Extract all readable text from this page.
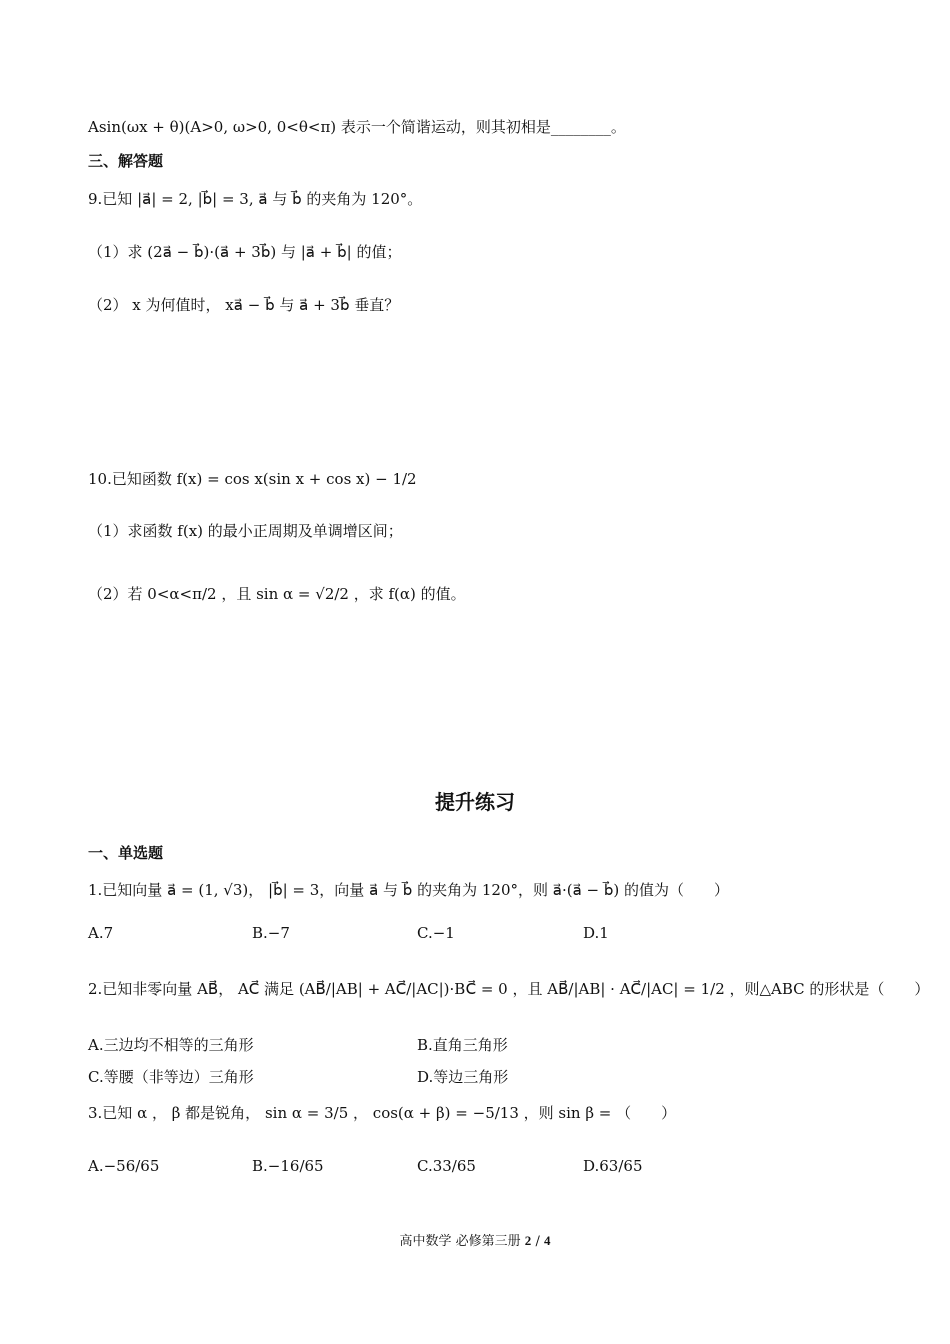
Asin(ωx + θ)(A>0, ω>0, 0<θ<π) 表示一个简谐运动，则其初相是________。
三、解答题
9.已知 |a⃗| = 2, |b⃗| = 3, a⃗ 与 b⃗ 的夹角为 120°。
（1）求 (2a⃗ − b⃗)·(a⃗ + 3b⃗) 与 |a⃗ + b⃗| 的值；
（2） x 为何值时， xa⃗ − b⃗ 与 a⃗ + 3b⃗ 垂直？
10.已知函数 f(x) = cos x(sin x + cos x) − 1/2
（1）求函数 f(x) 的最小正周期及单调增区间；
（2）若 0<α<π/2 ，且 sin α = √2/2 ，求 f(α) 的值。
提升练习
一、单选题
1.已知向量 a⃗ = (1, √3)， |b⃗| = 3，向量 a⃗ 与 b⃗ 的夹角为 120°，则 a⃗·(a⃗ − b⃗) 的值为（　　）
A.7	B.−7	C.−1	D.1
2.已知非零向量 AB⃗， AC⃗ 满足 (AB⃗/|AB| + AC⃗/|AC|)·BC⃗ = 0 ，且 AB⃗/|AB| · AC⃗/|AC| = 1/2 ，则△ABC 的形状是（　　）
A.三边均不相等的三角形	B.直角三角形
C.等腰（非等边）三角形	D.等边三角形
3.已知 α ， β 都是锐角， sin α = 3/5 ， cos(α + β) = −5/13 ，则 sin β = （　　）
A.−56/65	B.−16/65	C.33/65	D.63/65
高中数学 必修第三册 2 / 4
